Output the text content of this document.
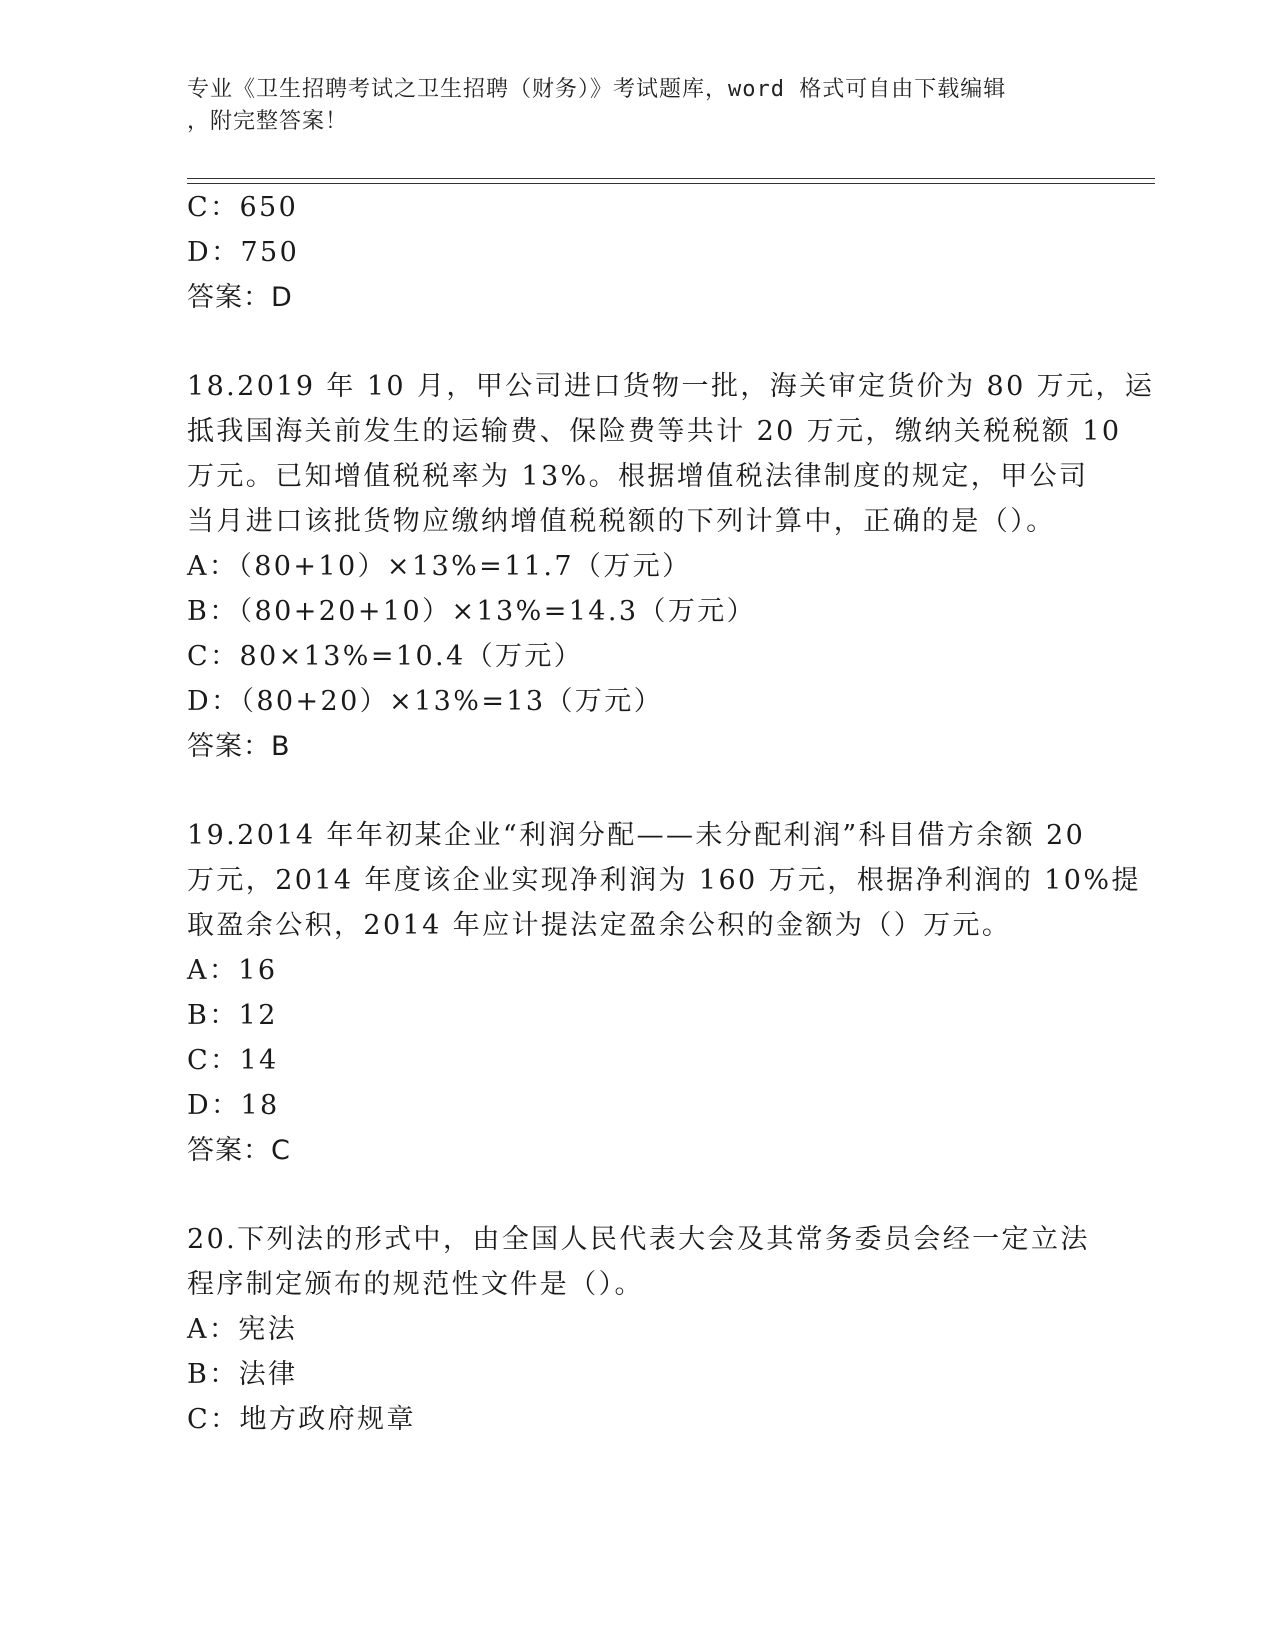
专业《卫生招聘考试之卫生招聘（财务）》考试题库，word 格式可自由下载编辑
，附完整答案！
C：650
D：750
答案：D
18.2019 年 10 月，甲公司进口货物一批，海关审定货价为 80 万元，运
抵我国海关前发生的运输费、保险费等共计 20 万元，缴纳关税税额 10
万元。已知增值税税率为 13%。根据增值税法律制度的规定，甲公司
当月进口该批货物应缴纳增值税税额的下列计算中，正确的是（）。
A：（80+10）×13%=11.7（万元）
B：（80+20+10）×13%=14.3（万元）
C：80×13%=10.4（万元）
D：（80+20）×13%=13（万元）
答案：B
19.2014 年年初某企业“利润分配——未分配利润”科目借方余额 20
万元，2014 年度该企业实现净利润为 160 万元，根据净利润的 10%提
取盈余公积，2014 年应计提法定盈余公积的金额为（）万元。
A：16
B：12
C：14
D：18
答案：C
20.下列法的形式中，由全国人民代表大会及其常务委员会经一定立法
程序制定颁布的规范性文件是（）。
A：宪法
B：法律
C：地方政府规章
